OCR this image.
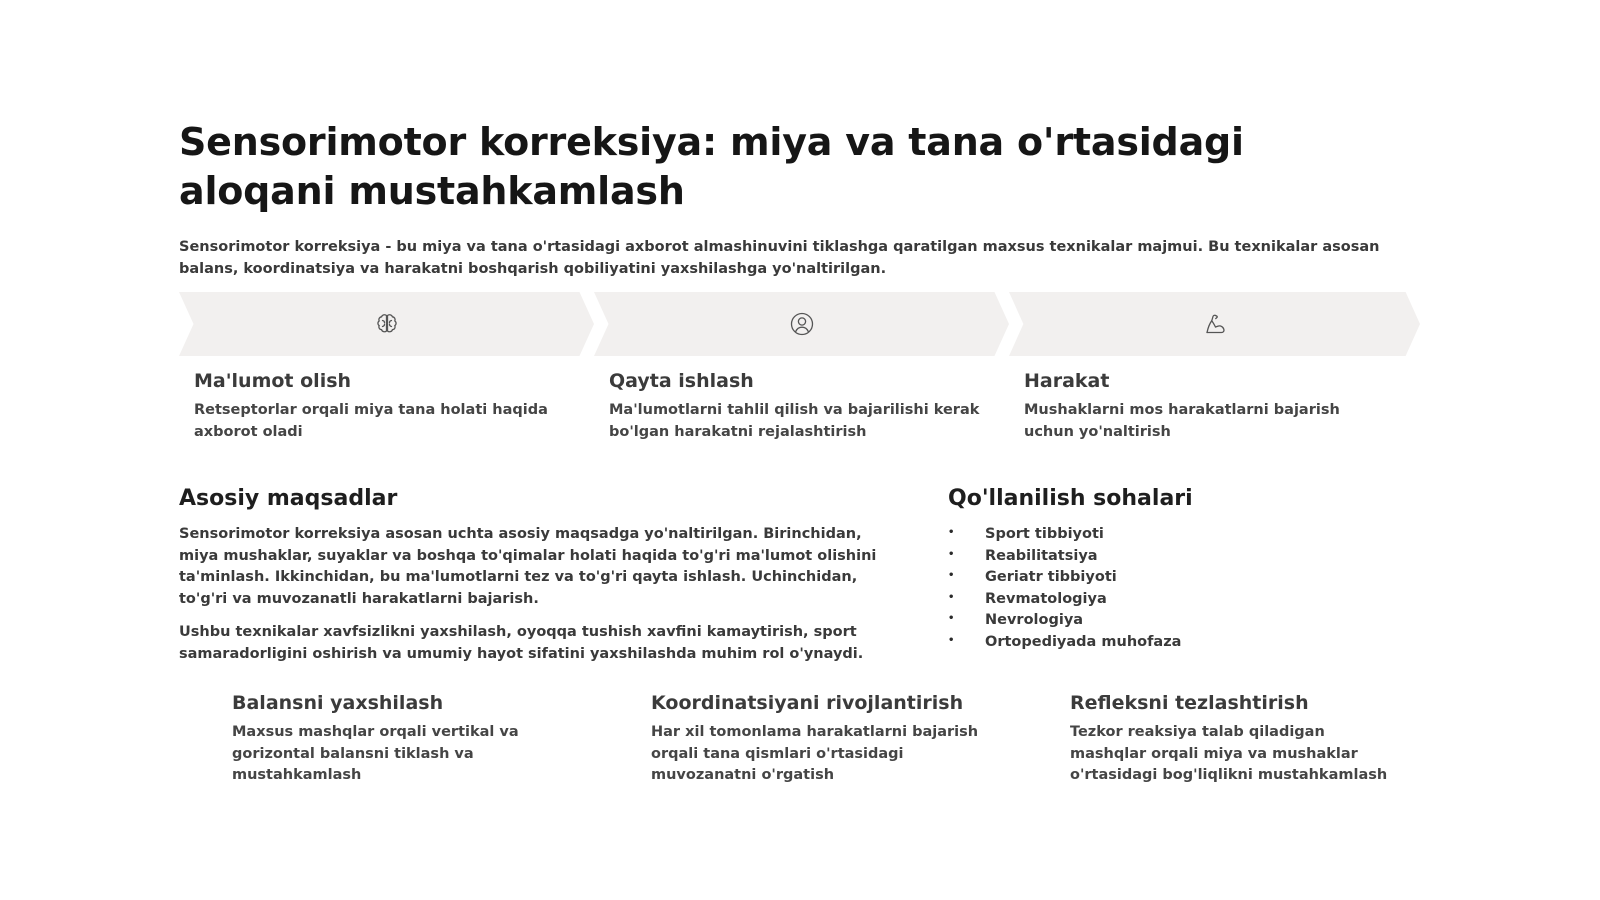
Sensorimotor korreksiya: miya va tana o'rtasidagi aloqani mustahkamlash

Sensorimotor korreksiya - bu miya va tana o'rtasidagi axborot almashinuvini tiklashga qaratilgan maxsus texnikalar majmui. Bu texnikalar asosan balans, koordinatsiya va harakatni boshqarish qobiliyatini yaxshilashga yo'naltirilgan.

Ma'lumot olish

Retseptorlar orqali miya tana holati haqida axborot oladi

Qayta ishlash

Ma'lumotlarni tahlil qilish va bajarilishi kerak bo'lgan harakatni rejalashtirish

Harakat

Mushaklarni mos harakatlarni bajarish uchun yo'naltirish

Asosiy maqsadlar

Sensorimotor korreksiya asosan uchta asosiy maqsadga yo'naltirilgan. Birinchidan, miya mushaklar, suyaklar va boshqa to'qimalar holati haqida to'g'ri ma'lumot olishini ta'minlash. Ikkinchidan, bu ma'lumotlarni tez va to'g'ri qayta ishlash. Uchinchidan, to'g'ri va muvozanatli harakatlarni bajarish.

Ushbu texnikalar xavfsizlikni yaxshilash, oyoqqa tushish xavfini kamaytirish, sport samaradorligini oshirish va umumiy hayot sifatini yaxshilashda muhim rol o'ynaydi.

Qo'llanilish sohalari
• Sport tibbiyoti
• Reabilitatsiya
• Geriatr tibbiyoti
• Revmatologiya
• Nevrologiya
• Ortopediyada muhofaza
Balansni yaxshilash

Maxsus mashqlar orqali vertikal va gorizontal balansni tiklash va mustahkamlash

Koordinatsiyani rivojlantirish

Har xil tomonlama harakatlarni bajarish orqali tana qismlari o'rtasidagi muvozanatni o'rgatish

Refleksni tezlashtirish

Tezkor reaksiya talab qiladigan mashqlar orqali miya va mushaklar o'rtasidagi bog'liqlikni mustahkamlash
